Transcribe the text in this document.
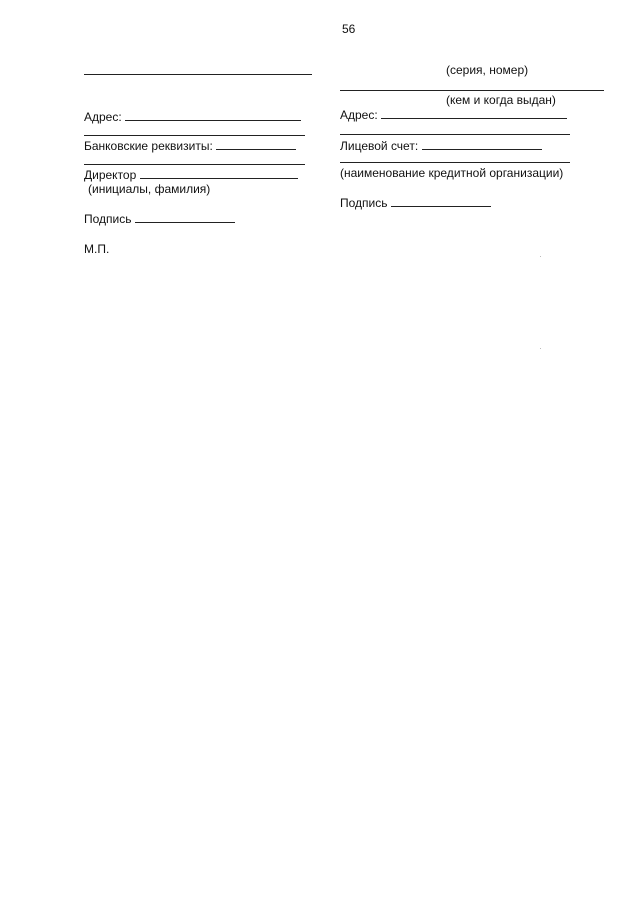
56
Адрес:
Банковские реквизиты:
Директор
(инициалы, фамилия)
Подпись
М.П.
(серия, номер)
(кем и когда выдан)
Адрес:
Лицевой счет:
(наименование кредитной организации)
Подпись
